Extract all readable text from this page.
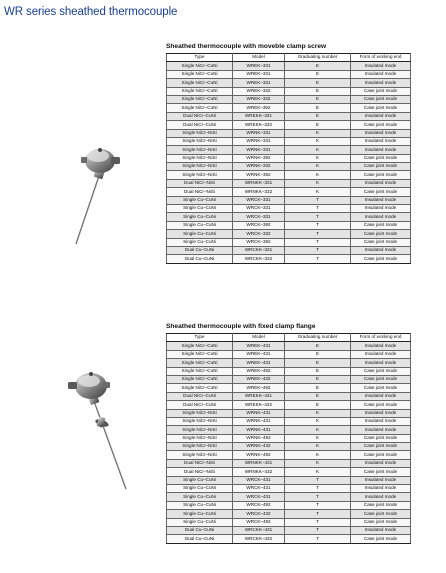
WR series sheathed thermocouple
Sheathed thermocouple with moveble clamp screw
Type	Model	Graduating number	Form of working end
Single NiCr–CuNi	WREK–331	E	Insulated mode
Single NiCr–CuNi	WREK–331	E	Insulated mode
Single NiCr–CuNi	WREK–331	E	Insulated mode
Single NiCr–CuNi	WREK–332	E	Case joint mode
Single NiCr–CuNi	WREK–332	E	Case joint mode
Single NiCr–CuNi	WREK–392	E	Case joint mode
Dual NiCr–CuNi	WREKK–331	E	Insulated mode
Dual NiCr–CuNi	WREKK–332	E	Case joint mode
Single NiCr–NiSi	WRNK–331	K	Insulated mode
Single NiCr–NiSi	WRNK–331	K	Insulated mode
Single NiCr–NiSi	WRNK–331	K	Insulated mode
Single NiCr–NiSi	WRNK–392	K	Case joint mode
Single NiCr–NiSi	WRNK–332	K	Case joint mode
Single NiCr–NiSi	WRNK–392	K	Case joint mode
Dual NiCr–NiSi	WRNKK–331	K	Insulated mode
Dual NiCr–NiSi	WRNKK–332	K	Case joint mode
Single Cu–CuNi	WRCK–331	T	Insulated mode
Single Cu–CuNi	WRCK–331	T	Insulated mode
Single Cu–CuNi	WRCK–331	T	Insulated mode
Single Cu–CuNi	WRCK–392	T	Case joint mode
Single Cu–CuNi	WRCK–332	T	Case joint mode
Single Cu–CuNi	WRCK–392	T	Case joint mode
Dual Cu–CuNi	WRCKK–331	T	Insulated mode
Dual Cu–CuNi	WRCKK–332	T	Case joint mode
Sheathed thermocouple with fixed clamp flange
Type	Model	Graduating number	Form of working end
Single NiCr–CuNi	WREK–431	E	Insulated mode
Single NiCr–CuNi	WREK–431	E	Insulated mode
Single NiCr–CuNi	WREK–431	E	Insulated mode
Single NiCr–CuNi	WREK–492	E	Case joint mode
Single NiCr–CuNi	WREK–432	E	Case joint mode
Single NiCr–CuNi	WREK–492	E	Case joint mode
Dual NiCr–CuNi	WREKK–431	E	Insulated mode
Dual NiCr–CuNi	WREKK–432	E	Case joint mode
Single NiCr–NiSi	WRNK–431	K	Insulated mode
Single NiCr–NiSi	WRNK–431	K	Insulated mode
Single NiCr–NiSi	WRNK–431	K	Insulated mode
Single NiCr–NiSi	WRNK–492	K	Case joint mode
Single NiCr–NiSi	WRNK–432	K	Case joint mode
Single NiCr–NiSi	WRNK–492	K	Case joint mode
Dual NiCr–NiSi	WRNKK–431	K	Insulated mode
Dual NiCr–NiSi	WRNKK–432	K	Case joint mode
Single Cu–CuNi	WRCK–431	T	Insulated mode
Single Cu–CuNi	WRCK–431	T	Insulated mode
Single Cu–CuNi	WRCK–431	T	Insulated mode
Single Cu–CuNi	WRCK–492	T	Case joint mode
Single Cu–CuNi	WRCK–432	T	Case joint mode
Single Cu–CuNi	WRCK–492	T	Case joint mode
Dual Cu–CuNi	WRCKK–431	T	Insulated mode
Dual Cu–CuNi	WRCKK–432	T	Case joint mode
